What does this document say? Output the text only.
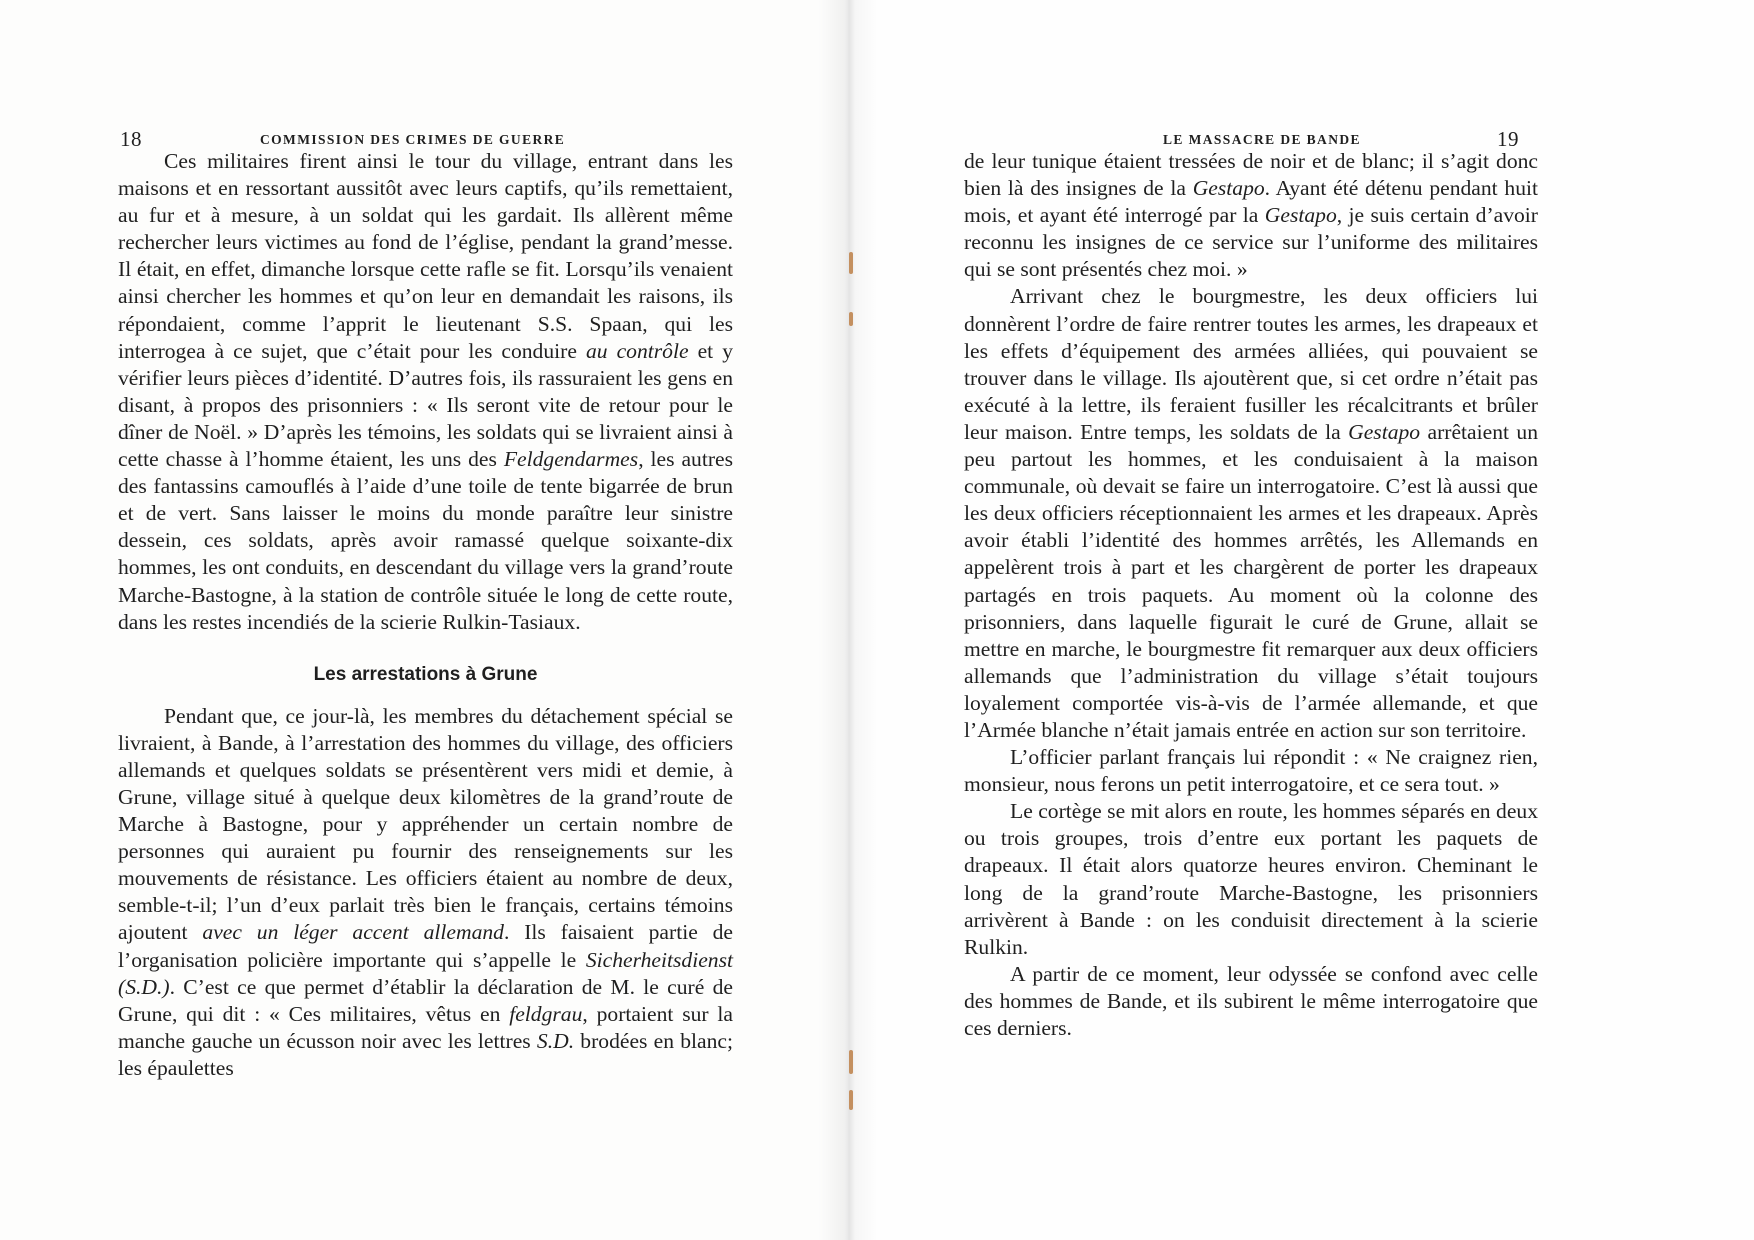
18	COMMISSION DES CRIMES DE GUERRE

Ces militaires firent ainsi le tour du village, entrant dans les maisons et en ressortant aussitôt avec leurs captifs, qu’ils remettaient, au fur et à mesure, à un soldat qui les gardait. Ils allèrent même rechercher leurs victimes au fond de l’église, pendant la grand’messe. Il était, en effet, dimanche lorsque cette rafle se fit. Lorsqu’ils venaient ainsi chercher les hommes et qu’on leur en demandait les raisons, ils répondaient, comme l’apprit le lieutenant S.S. Spaan, qui les interrogea à ce sujet, que c’était pour les conduire au contrôle et y vérifier leurs pièces d’identité. D’autres fois, ils rassuraient les gens en disant, à propos des prisonniers : « Ils seront vite de retour pour le dîner de Noël. » D’après les témoins, les soldats qui se livraient ainsi à cette chasse à l’homme étaient, les uns des Feldgendarmes, les autres des fantassins camouflés à l’aide d’une toile de tente bigarrée de brun et de vert. Sans laisser le moins du monde paraître leur sinistre dessein, ces soldats, après avoir ramassé quelque soixante-dix hommes, les ont conduits, en descendant du village vers la grand’route Marche-Bastogne, à la station de contrôle située le long de cette route, dans les restes incendiés de la scierie Rulkin-Tasiaux.

Les arrestations à Grune

Pendant que, ce jour-là, les membres du détachement spécial se livraient, à Bande, à l’arrestation des hommes du village, des officiers allemands et quelques soldats se présentèrent vers midi et demie, à Grune, village situé à quelque deux kilomètres de la grand’route de Marche à Bastogne, pour y appréhender un certain nombre de personnes qui auraient pu fournir des renseignements sur les mouvements de résistance. Les officiers étaient au nombre de deux, semble-t-il; l’un d’eux parlait très bien le français, certains témoins ajoutent avec un léger accent allemand. Ils faisaient partie de l’organisation policière importante qui s’appelle le Sicherheitsdienst (S.D.). C’est ce que permet d’établir la déclaration de M. le curé de Grune, qui dit : « Ces militaires, vêtus en feldgrau, portaient sur la manche gauche un écusson noir avec les lettres S.D. brodées en blanc; les épaulettes

LE MASSACRE DE BANDE	19

de leur tunique étaient tressées de noir et de blanc; il s’agit donc bien là des insignes de la Gestapo. Ayant été détenu pendant huit mois, et ayant été interrogé par la Gestapo, je suis certain d’avoir reconnu les insignes de ce service sur l’uniforme des militaires qui se sont présentés chez moi. »

Arrivant chez le bourgmestre, les deux officiers lui donnèrent l’ordre de faire rentrer toutes les armes, les drapeaux et les effets d’équipement des armées alliées, qui pouvaient se trouver dans le village. Ils ajoutèrent que, si cet ordre n’était pas exécuté à la lettre, ils feraient fusiller les récalcitrants et brûler leur maison. Entre temps, les soldats de la Gestapo arrêtaient un peu partout les hommes, et les conduisaient à la maison communale, où devait se faire un interrogatoire. C’est là aussi que les deux officiers réceptionnaient les armes et les drapeaux. Après avoir établi l’identité des hommes arrêtés, les Allemands en appelèrent trois à part et les chargèrent de porter les drapeaux partagés en trois paquets. Au moment où la colonne des prisonniers, dans laquelle figurait le curé de Grune, allait se mettre en marche, le bourgmestre fit remarquer aux deux officiers allemands que l’administration du village s’était toujours loyalement comportée vis-à-vis de l’armée allemande, et que l’Armée blanche n’était jamais entrée en action sur son territoire.

L’officier parlant français lui répondit : « Ne craignez rien, monsieur, nous ferons un petit interrogatoire, et ce sera tout. »

Le cortège se mit alors en route, les hommes séparés en deux ou trois groupes, trois d’entre eux portant les paquets de drapeaux. Il était alors quatorze heures environ. Cheminant le long de la grand’route Marche-Bastogne, les prisonniers arrivèrent à Bande : on les conduisit directement à la scierie Rulkin.

A partir de ce moment, leur odyssée se confond avec celle des hommes de Bande, et ils subirent le même interrogatoire que ces derniers.
